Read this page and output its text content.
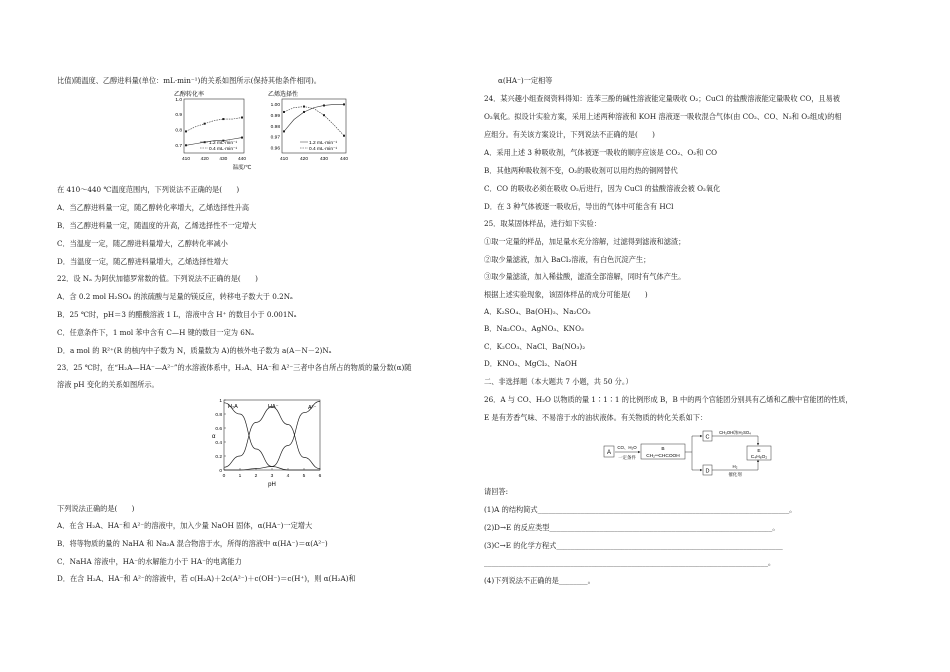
比值)随温度、乙醇进料量(单位：mL·min⁻¹)的关系如图所示(保持其他条件相同)。
乙醇转化率
1.0
0.9
0.8
0.7
乙烯选择性
1.00
0.99
0.98
0.97
0.96
410 420 430 440	410 420 430 440
1.2 mL·min⁻¹
0.4 mL·min⁻¹
1.2 mL·min⁻¹
0.4 mL·min⁻¹
温度/℃
在 410～440 ℃温度范围内，下列说法不正确的是(　　)
A．当乙醇进料量一定，随乙醇转化率增大，乙烯选择性升高
B．当乙醇进料量一定，随温度的升高，乙烯选择性不一定增大
C．当温度一定，随乙醇进料量增大，乙醇转化率减小
D．当温度一定，随乙醇进料量增大，乙烯选择性增大
22．设 Nₐ 为阿伏加德罗常数的值。下列说法不正确的是(　　)
A．含 0.2 mol H₂SO₄ 的浓硫酸与足量的镁反应，转移电子数大于 0.2Nₐ
B．25 ℃时，pH＝3 的醋酸溶液 1 L，溶液中含 H⁺ 的数目小于 0.001Nₐ
C．任意条件下，1 mol 苯中含有 C—H 键的数目一定为 6Nₐ
D．a mol 的 R²⁺(R 的核内中子数为 N，质量数为 A)的核外电子数为 a(A－N－2)Nₐ
23．25 ℃时，在“H₂A—HA⁻—A²⁻”的水溶液体系中，H₂A、HA⁻和 A²⁻三者中各自所占的物质的量分数(α)随
溶液 pH 变化的关系如图所示。
1
0.8
0.6
0.4
0.2
0
0	1	2	3	4	5	6
α
pH
H₂A	HA⁻	A²⁻
下列说法正确的是(　　)
A．在含 H₂A、HA⁻和 A²⁻的溶液中，加入少量 NaOH 固体，α(HA⁻)一定增大
B．将等物质的量的 NaHA 和 Na₂A 混合物溶于水，所得的溶液中 α(HA⁻)＝α(A²⁻)
C．NaHA 溶液中，HA⁻的水解能力小于 HA⁻的电离能力
D．在含 H₂A、HA⁻和 A²⁻的溶液中，若 c(H₂A)＋2c(A²⁻)＋c(OH⁻)＝c(H⁺)，则 α(H₂A)和
α(HA⁻)一定相等
24．某兴趣小组查阅资料得知：连苯三酚的碱性溶液能定量吸收 O₂；CuCl 的盐酸溶液能定量吸收 CO，且易被
O₂氧化。拟设计实验方案，采用上述两种溶液和 KOH 溶液逐一吸收混合气体(由 CO₂、CO、N₂和 O₂组成)的相
应组分。有关该方案设计，下列说法不正确的是(　　)
A．采用上述 3 种吸收剂，气体被逐一吸收的顺序应该是 CO₂、O₂和 CO
B．其他两种吸收剂不变，O₂的吸收剂可以用灼热的铜网替代
C．CO 的吸收必须在吸收 O₂后进行，因为 CuCl 的盐酸溶液会被 O₂氧化
D．在 3 种气体被逐一吸收后，导出的气体中可能含有 HCl
25．取某固体样品，进行如下实验：
①取一定量的样品，加足量水充分溶解，过滤得到滤液和滤渣；
②取少量滤液，加入 BaCl₂溶液，有白色沉淀产生；
③取少量滤渣，加入稀盐酸，滤渣全部溶解，同时有气体产生。
根据上述实验现象，该固体样品的成分可能是(　　)
A．K₂SO₄、Ba(OH)₂、Na₂CO₃
B．Na₂CO₃、AgNO₃、KNO₃
C．K₂CO₃、NaCl、Ba(NO₃)₂
D．KNO₃、MgCl₂、NaOH
二、非选择题（本大题共 7 小题，共 50 分。）
26．A 与 CO、H₂O 以物质的量 1∶1∶1 的比例形成 B，B 中的两个官能团分别具有乙烯和乙酸中官能团的性质，
E 是有芳香气味、不易溶于水的油状液体。有关物质的转化关系如下：
A
CO、H₂O
一定条件
B
CH₂═CHCOOH
C
CH₃OH/浓H₂SO₄
D
H₂
催化剂
E
C₄H₈O₂
请回答:
(1)A 的结构简式______________________________________________________________________。
(2)D→E 的反应类型______________________________________________________________。
(3)C→E 的化学方程式_______________________________________________________________
_______________________________________________________________________________。
(4)下列说法不正确的是________。
